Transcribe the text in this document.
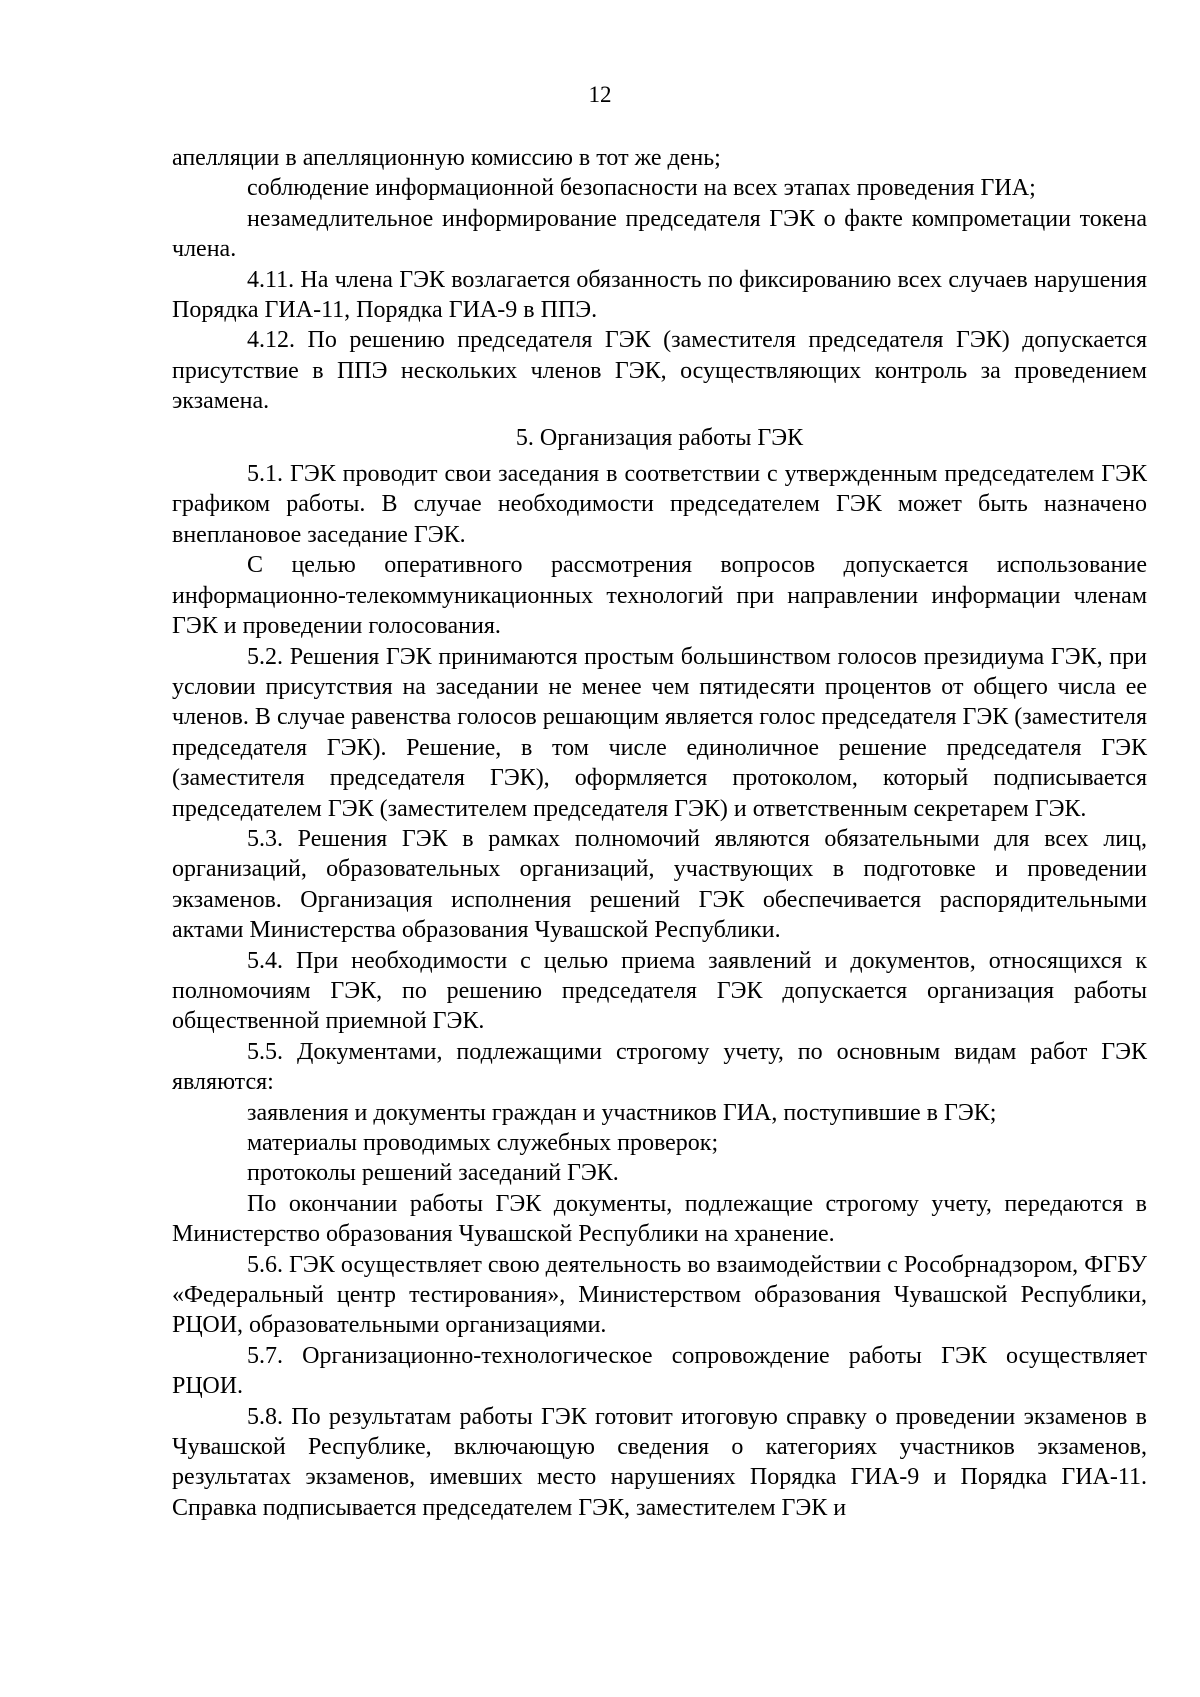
12

апелляции в апелляционную комиссию в тот же день;

соблюдение информационной безопасности на всех этапах проведения ГИА;

незамедлительное информирование председателя ГЭК о факте компрометации токена члена.

4.11. На члена ГЭК возлагается обязанность по фиксированию всех случаев нарушения Порядка ГИА-11, Порядка ГИА-9 в ППЭ.

4.12. По решению председателя ГЭК (заместителя председателя ГЭК) допускается присутствие в ППЭ нескольких членов ГЭК, осуществляющих контроль за проведением экзамена.

5. Организация работы ГЭК

5.1. ГЭК проводит свои заседания в соответствии с утвержденным председателем ГЭК графиком работы. В случае необходимости председателем ГЭК может быть назначено внеплановое заседание ГЭК.

С целью оперативного рассмотрения вопросов допускается использование информационно-телекоммуникационных технологий при направлении информации членам ГЭК и проведении голосования.

5.2. Решения ГЭК принимаются простым большинством голосов президиума ГЭК, при условии присутствия на заседании не менее чем пятидесяти процентов от общего числа ее членов. В случае равенства голосов решающим является голос председателя ГЭК (заместителя председателя ГЭК). Решение, в том числе единоличное решение председателя ГЭК (заместителя председателя ГЭК), оформляется протоколом, который подписывается председателем ГЭК (заместителем председателя ГЭК) и ответственным секретарем ГЭК.

5.3. Решения ГЭК в рамках полномочий являются обязательными для всех лиц, организаций, образовательных организаций, участвующих в подготовке и проведении экзаменов. Организация исполнения решений ГЭК обеспечивается распорядительными актами Министерства образования Чувашской Республики.

5.4. При необходимости с целью приема заявлений и документов, относящихся к полномочиям ГЭК, по решению председателя ГЭК допускается организация работы общественной приемной ГЭК.

5.5. Документами, подлежащими строгому учету, по основным видам работ ГЭК являются:

заявления и документы граждан и участников ГИА, поступившие в ГЭК;

материалы проводимых служебных проверок;

протоколы решений заседаний ГЭК.

По окончании работы ГЭК документы, подлежащие строгому учету, передаются в Министерство образования Чувашской Республики на хранение.

5.6. ГЭК осуществляет свою деятельность во взаимодействии с Рособрнадзором, ФГБУ «Федеральный центр тестирования», Министерством образования Чувашской Республики, РЦОИ, образовательными организациями.

5.7. Организационно-технологическое сопровождение работы ГЭК осуществляет РЦОИ.

5.8. По результатам работы ГЭК готовит итоговую справку о проведении экзаменов в Чувашской Республике, включающую сведения о категориях участников экзаменов, результатах экзаменов, имевших место нарушениях Порядка ГИА-9 и Порядка ГИА-11. Справка подписывается председателем ГЭК, заместителем ГЭК и
